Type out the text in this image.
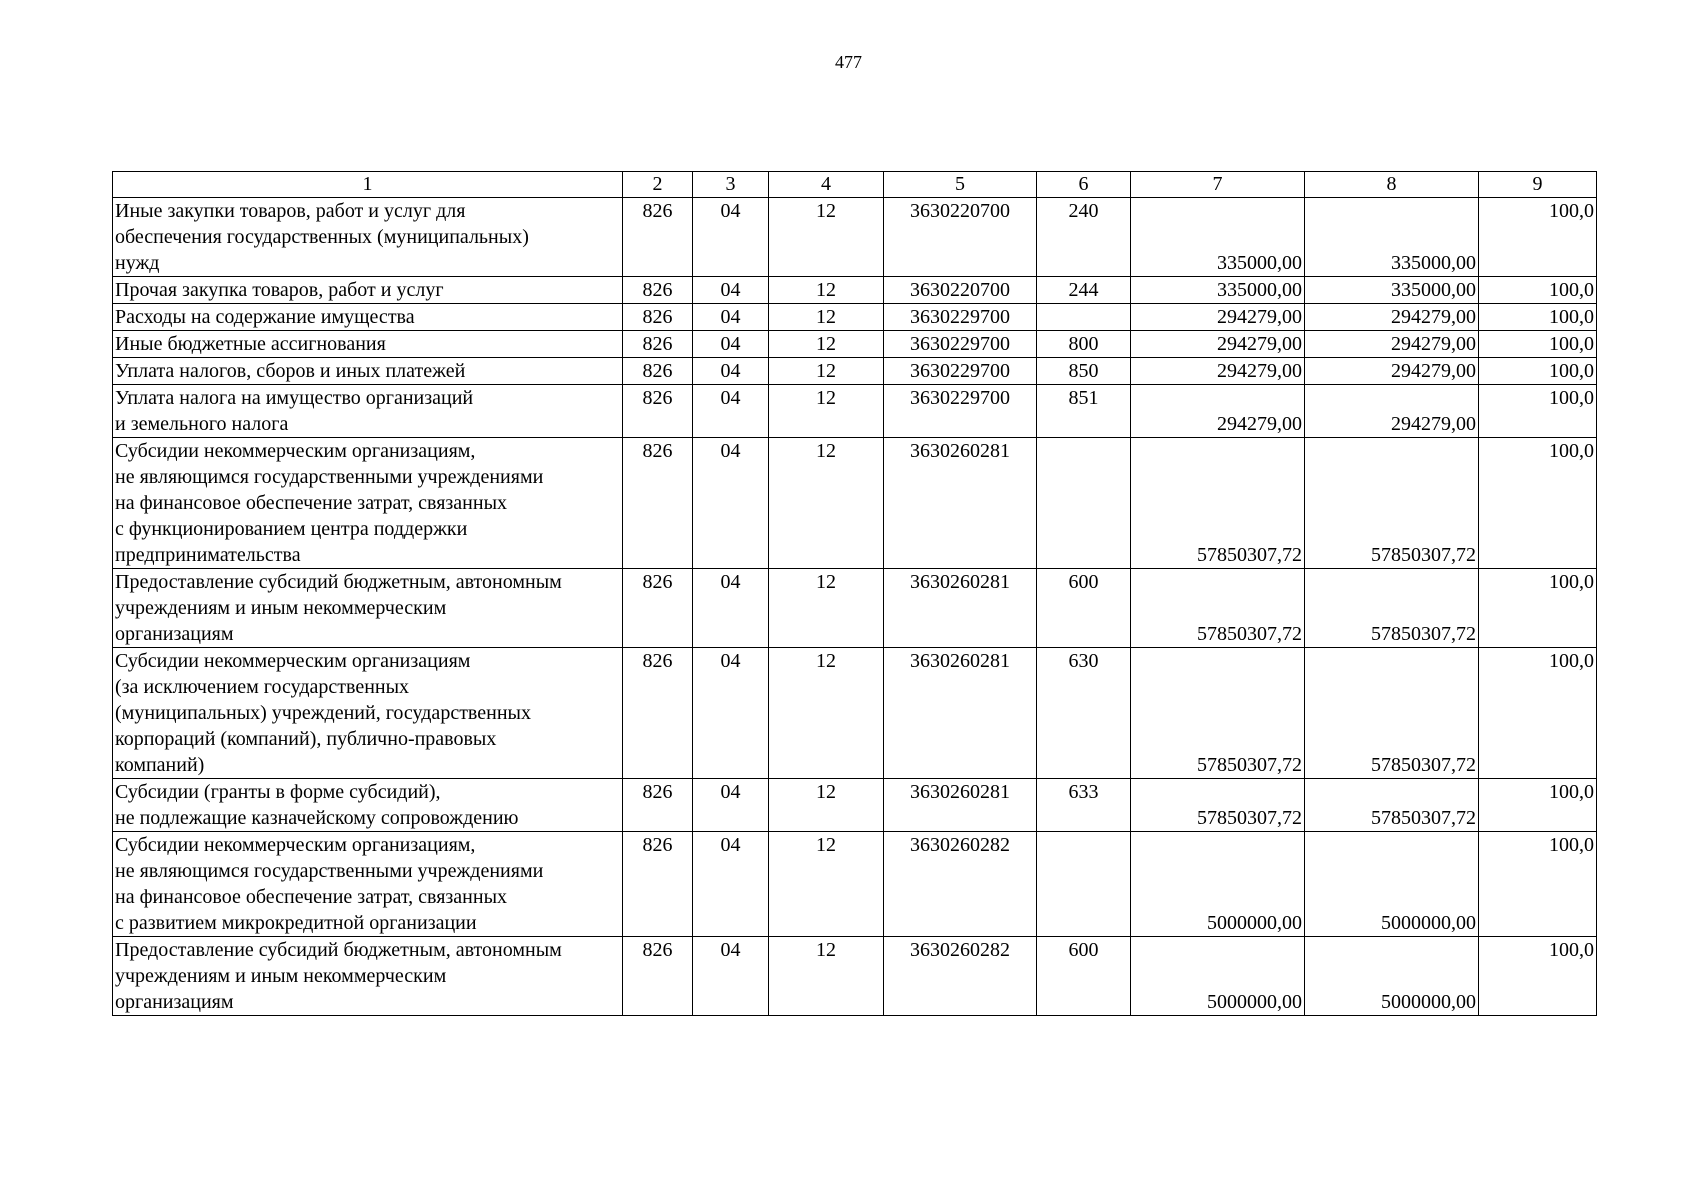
477
1	2	3	4	5	6	7	8	9

Иные закупки товаров, работ и услуг для
обеспечения государственных (муниципальных)
нужд	826	04	12	3630220700	240	335000,00	335000,00	100,0

Прочая закупка товаров, работ и услуг	826	04	12	3630220700	244	335000,00	335000,00	100,0

Расходы на содержание имущества	826	04	12	3630229700		294279,00	294279,00	100,0

Иные бюджетные ассигнования	826	04	12	3630229700	800	294279,00	294279,00	100,0

Уплата налогов, сборов и иных платежей	826	04	12	3630229700	850	294279,00	294279,00	100,0

Уплата налога на имущество организаций
и земельного налога	826	04	12	3630229700	851	294279,00	294279,00	100,0

Субсидии некоммерческим организациям,
не являющимся государственными учреждениями
на финансовое обеспечение затрат, связанных
с функционированием центра поддержки
предпринимательства	826	04	12	3630260281		57850307,72	57850307,72	100,0

Предоставление субсидий бюджетным, автономным
учреждениям и иным некоммерческим
организациям	826	04	12	3630260281	600	57850307,72	57850307,72	100,0

Субсидии некоммерческим организациям
(за исключением государственных
(муниципальных) учреждений, государственных
корпораций (компаний), публично-правовых
компаний)	826	04	12	3630260281	630	57850307,72	57850307,72	100,0

Субсидии (гранты в форме субсидий),
не подлежащие казначейскому сопровождению	826	04	12	3630260281	633	57850307,72	57850307,72	100,0

Субсидии некоммерческим организациям,
не являющимся государственными учреждениями
на финансовое обеспечение затрат, связанных
с развитием микрокредитной организации	826	04	12	3630260282		5000000,00	5000000,00	100,0

Предоставление субсидий бюджетным, автономным
учреждениям и иным некоммерческим
организациям	826	04	12	3630260282	600	5000000,00	5000000,00	100,0
